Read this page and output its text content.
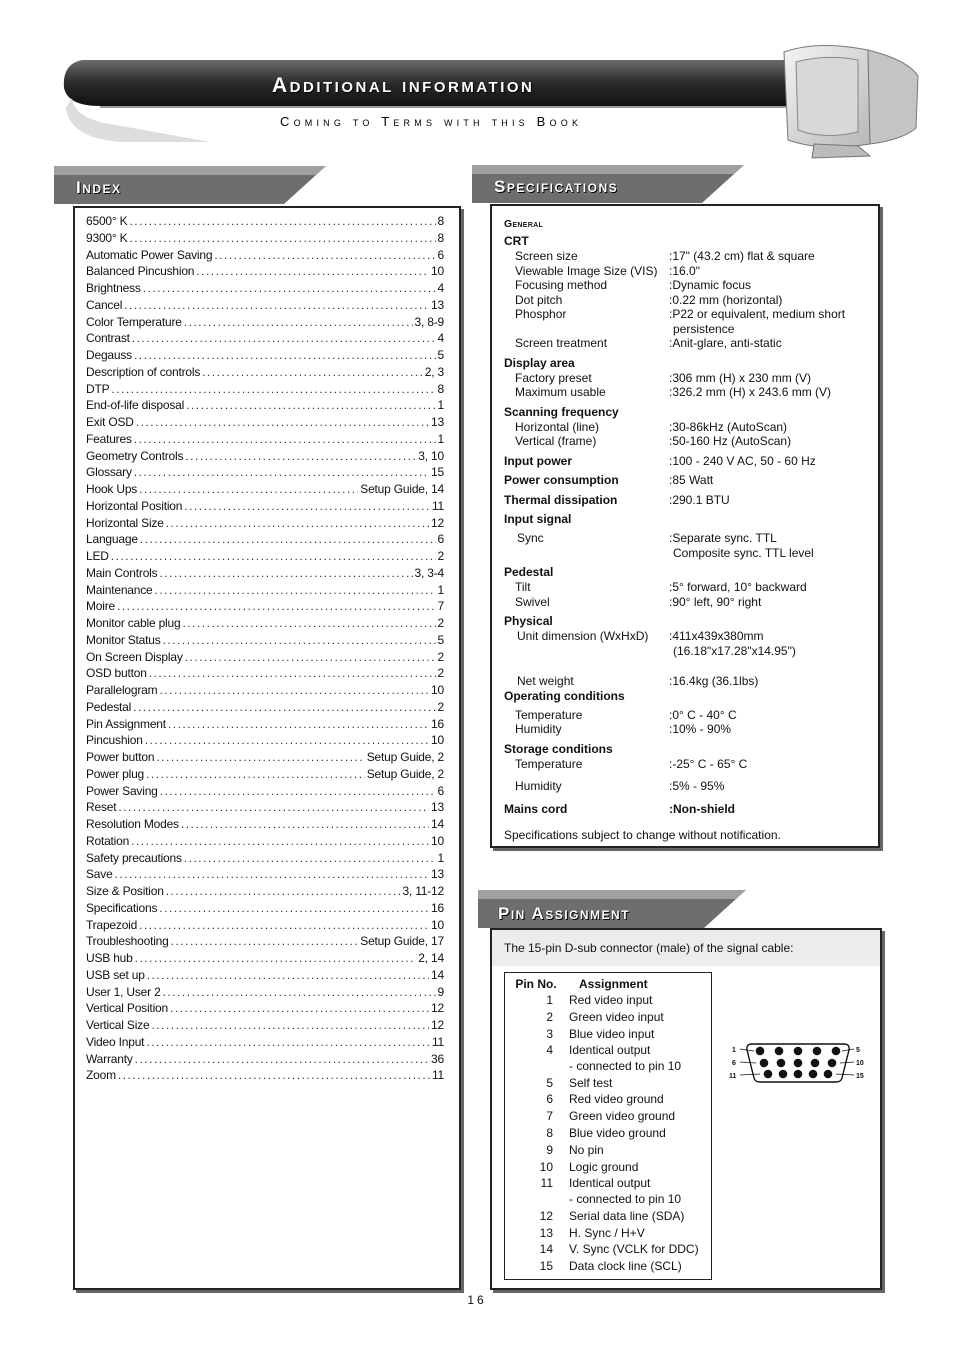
Additional information

Coming to Terms with this Book

Index
6500° K .....	8
9300° K .....	8
Automatic Power Saving .....	6
Balanced Pincushion .....	10
Brightness .....	4
Cancel .....	13
Color Temperature .....	3, 8-9
Contrast .....	4
Degauss .....	5
Description of controls .....	2, 3
DTP .....	8
End-of-life disposal .....	1
Exit OSD .....	13
Features .....	1
Geometry Controls .....	3, 10
Glossary .....	15
Hook Ups .....	Setup Guide, 14
Horizontal Position .....	11
Horizontal Size .....	12
Language .....	6
LED .....	2
Main Controls .....	3, 3-4
Maintenance .....	1
Moire .....	7
Monitor cable plug .....	2
Monitor Status .....	5
On Screen Display .....	2
OSD button .....	2
Parallelogram .....	10
Pedestal .....	2
Pin Assignment .....	16
Pincushion .....	10
Power button .....	Setup Guide, 2
Power plug .....	Setup Guide, 2
Power Saving .....	6
Reset .....	13
Resolution Modes .....	14
Rotation .....	10
Safety precautions .....	1
Save .....	13
Size & Position .....	3, 11-12
Specifications .....	16
Trapezoid .....	10
Troubleshooting .....	Setup Guide, 17
USB hub .....	2, 14
USB set up .....	14
User 1, User 2 .....	9
Vertical Position .....	12
Vertical Size .....	12
Video Input .....	11
Warranty .....	36
Zoom .....	11
Specifications

General

CRT

Screen size	:17" (43.2 cm) flat & square
Viewable Image Size (VIS) :16.0"
Focusing method	:Dynamic focus
Dot pitch	:0.22 mm (horizontal)
Phosphor	:P22 or equivalent, medium short
persistence
Screen treatment	:Anit-glare, anti-static

Display area

Factory preset	:306 mm (H) x 230 mm (V)
Maximum usable	:326.2 mm (H) x 243.6 mm (V)

Scanning frequency

Horizontal (line)	:30-86kHz (AutoScan)
Vertical (frame)	:50-160 Hz (AutoScan)
Input power	:100 - 240 V AC, 50 - 60 Hz
Power consumption	:85 Watt
Thermal dissipation	:290.1 BTU

Input signal

Sync	:Separate sync. TTL
Composite sync. TTL level

Pedestal

Tilt	:5° forward, 10° backward
Swivel	:90° left, 90° right

Physical

Unit dimension (WxHxD)	:411x439x380mm
(16.18"x17.28"x14.95")
Net weight	:16.4kg (36.1lbs)

Operating conditions

Temperature	:0° C - 40° C
Humidity	:10% - 90%

Storage conditions

Temperature	:-25° C - 65° C
Humidity	:5% - 95%
Mains cord	:Non-shield

Specifications subject to change without notification.

Pin Assignment

The 15-pin D-sub connector (male) of the signal cable:

Pin No.	Assignment
1	Red video input
2	Green video input
3	Blue video input
4	Identical output
- connected to pin 10
5	Self test
6	Red video ground
7	Green video ground
8	Blue video ground
9	No pin
10	Logic ground
11	Identical output
- connected to pin 10
12	Serial data line (SDA)
13	H. Sync / H+V
14	V. Sync (VCLK for DDC)
15	Data clock line (SCL)
1
6
11
5
10
15

16
